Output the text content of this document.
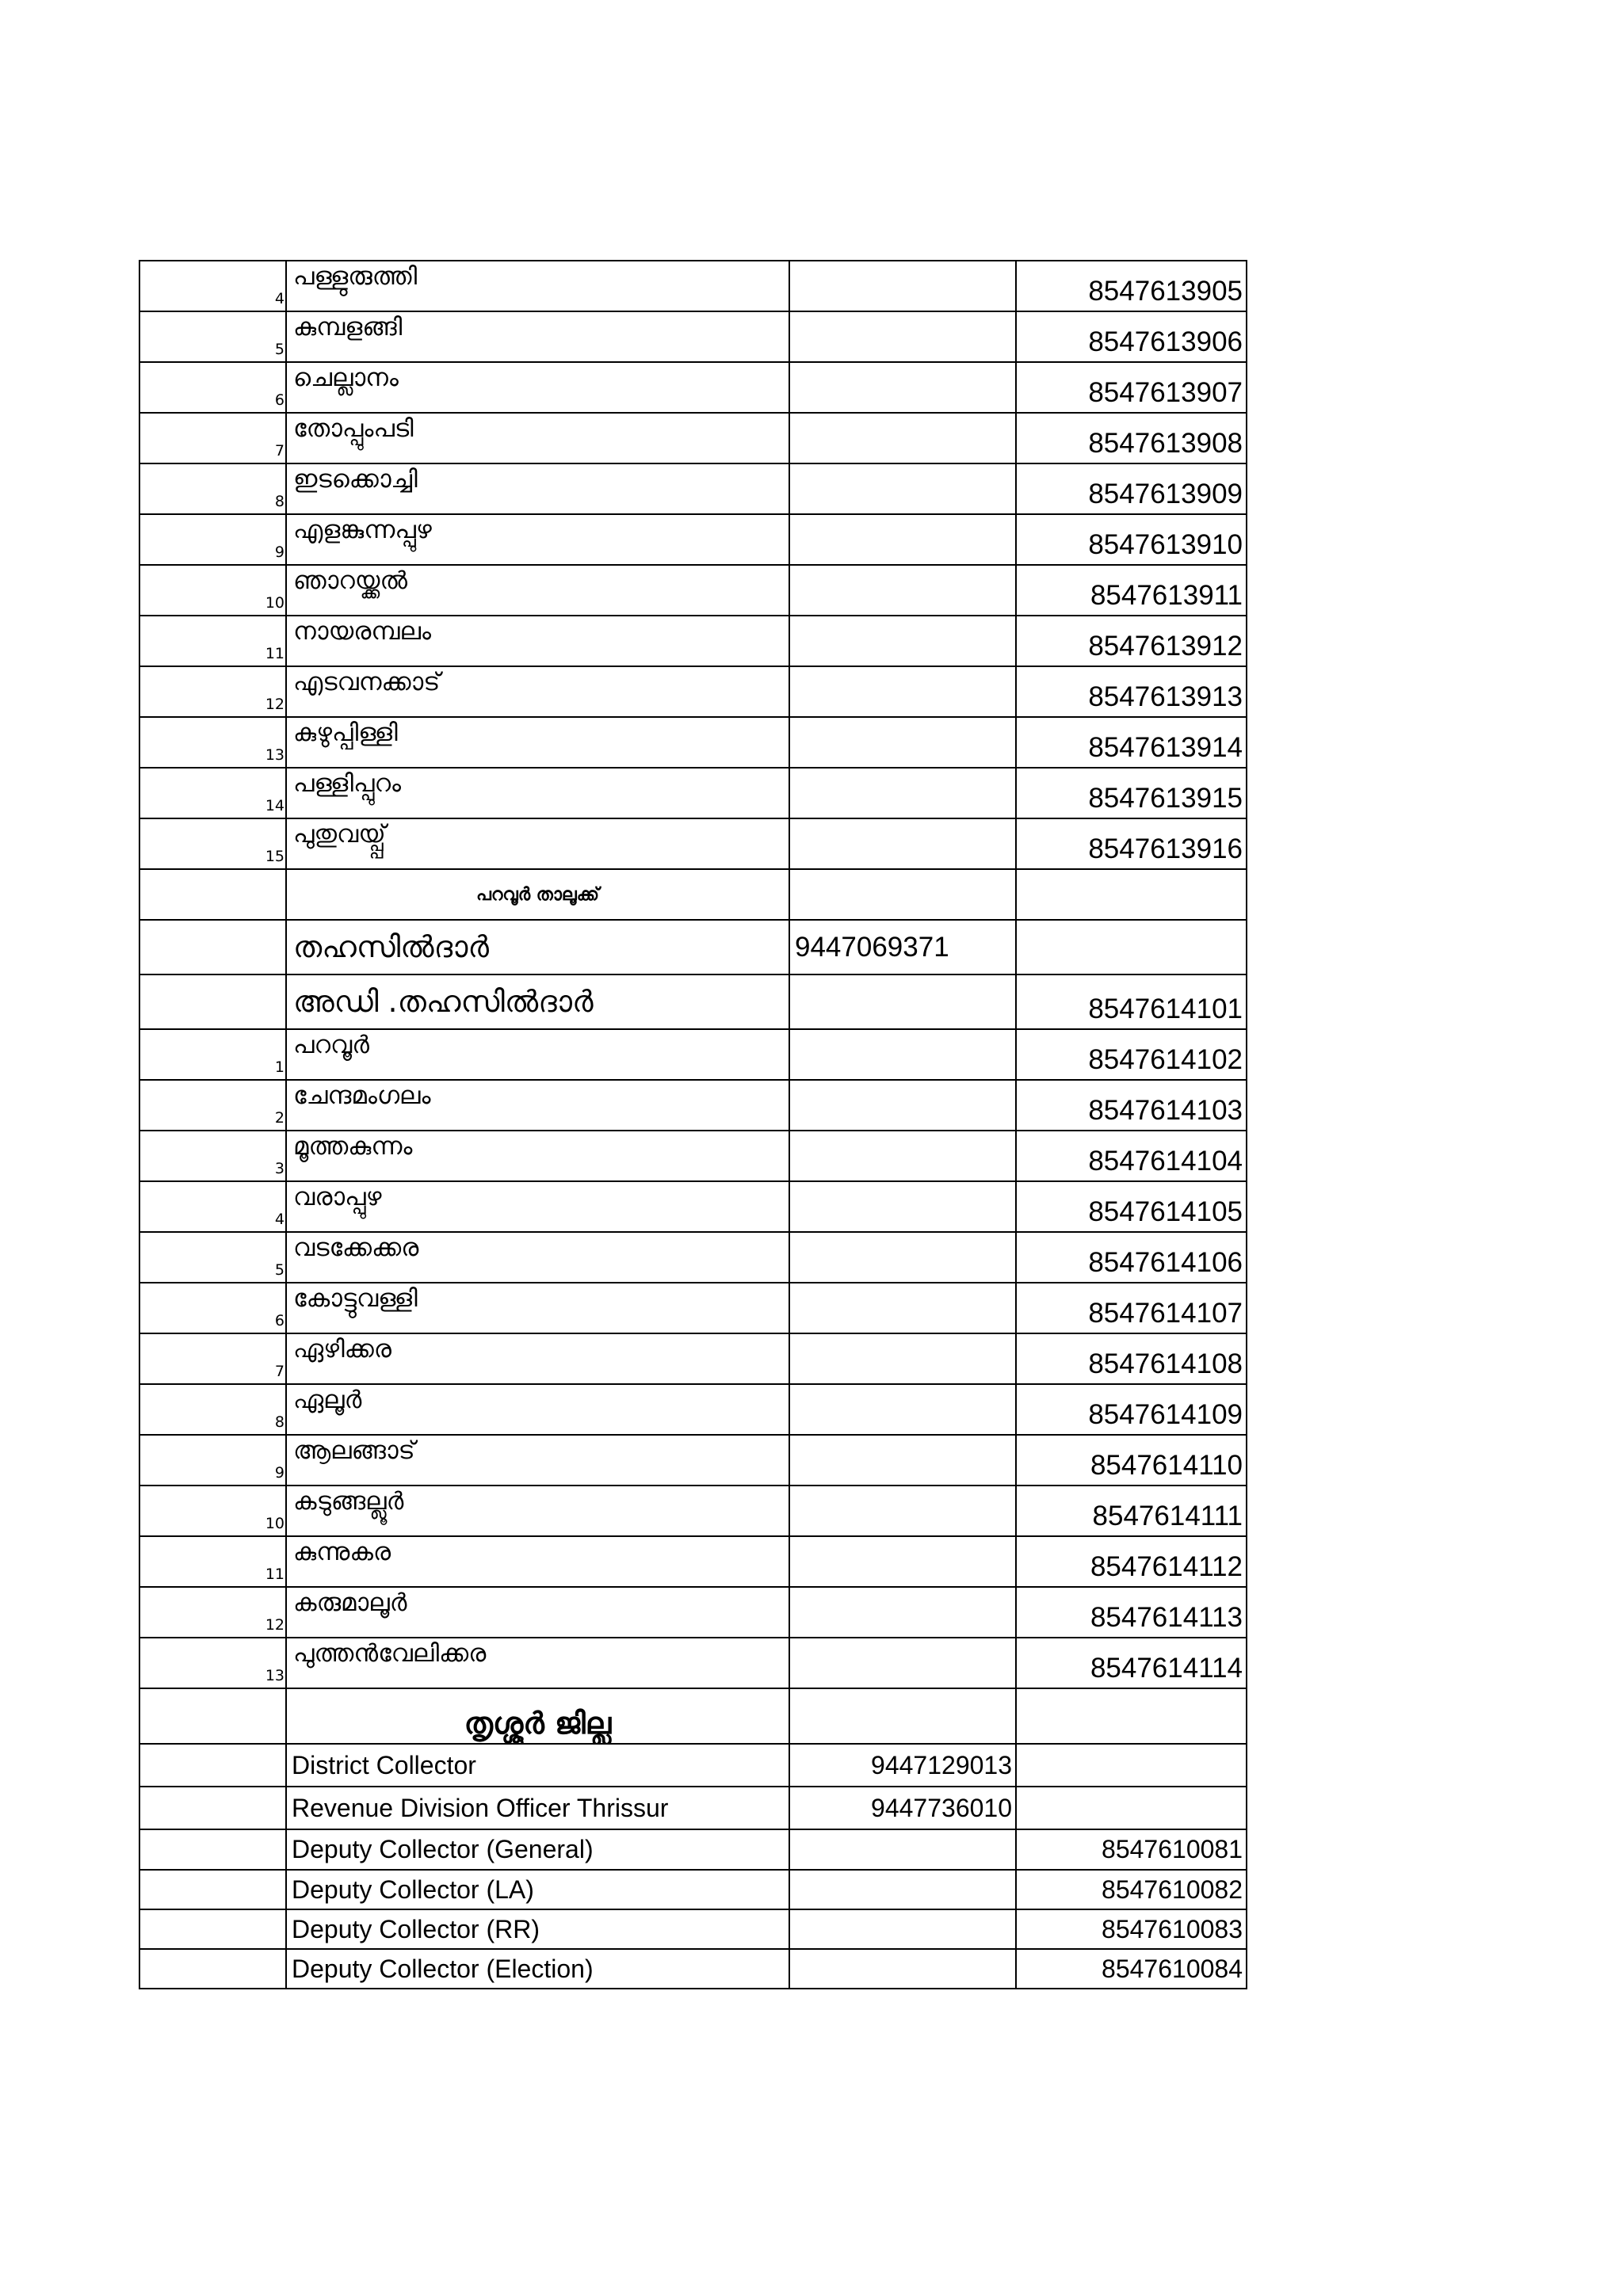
4	പള്ളുരുത്തി		8547613905
5	കുമ്പളങ്ങി		8547613906
6	ചെല്ലാനം		8547613907
7	തോപ്പുംപടി		8547613908
8	ഇടക്കൊച്ചി		8547613909
9	എളങ്കുന്നപ്പുഴ		8547613910
10	ഞാറയ്ക്കൽ		8547613911
11	നായരമ്പലം		8547613912
12	എടവനക്കാട്		8547613913
13	കുഴുപ്പിള്ളി		8547613914
14	പള്ളിപ്പുറം		8547613915
15	പുതുവയ്പ്പ്		8547613916
	പറവൂർ താലൂക്ക്		
	തഹസിൽദാർ	9447069371	
	അഡി .തഹസിൽദാർ		8547614101
1	പറവൂർ		8547614102
2	ചേന്ദമംഗലം		8547614103
3	മൂത്തകുന്നം		8547614104
4	വരാപ്പുഴ		8547614105
5	വടക്കേക്കര		8547614106
6	കോട്ടുവള്ളി		8547614107
7	ഏഴിക്കര		8547614108
8	ഏലൂർ		8547614109
9	ആലങ്ങാട്		8547614110
10	കടുങ്ങല്ലൂർ		8547614111
11	കുന്നുകര		8547614112
12	കരുമാലൂർ		8547614113
13	പുത്തൻവേലിക്കര		8547614114
	തൃശ്ശൂർ ജില്ല		
	District Collector	9447129013	
	Revenue Division Officer Thrissur	9447736010	
	Deputy Collector (General)		8547610081
	Deputy Collector (LA)		8547610082
	Deputy Collector (RR)		8547610083
	Deputy Collector (Election)		8547610084
